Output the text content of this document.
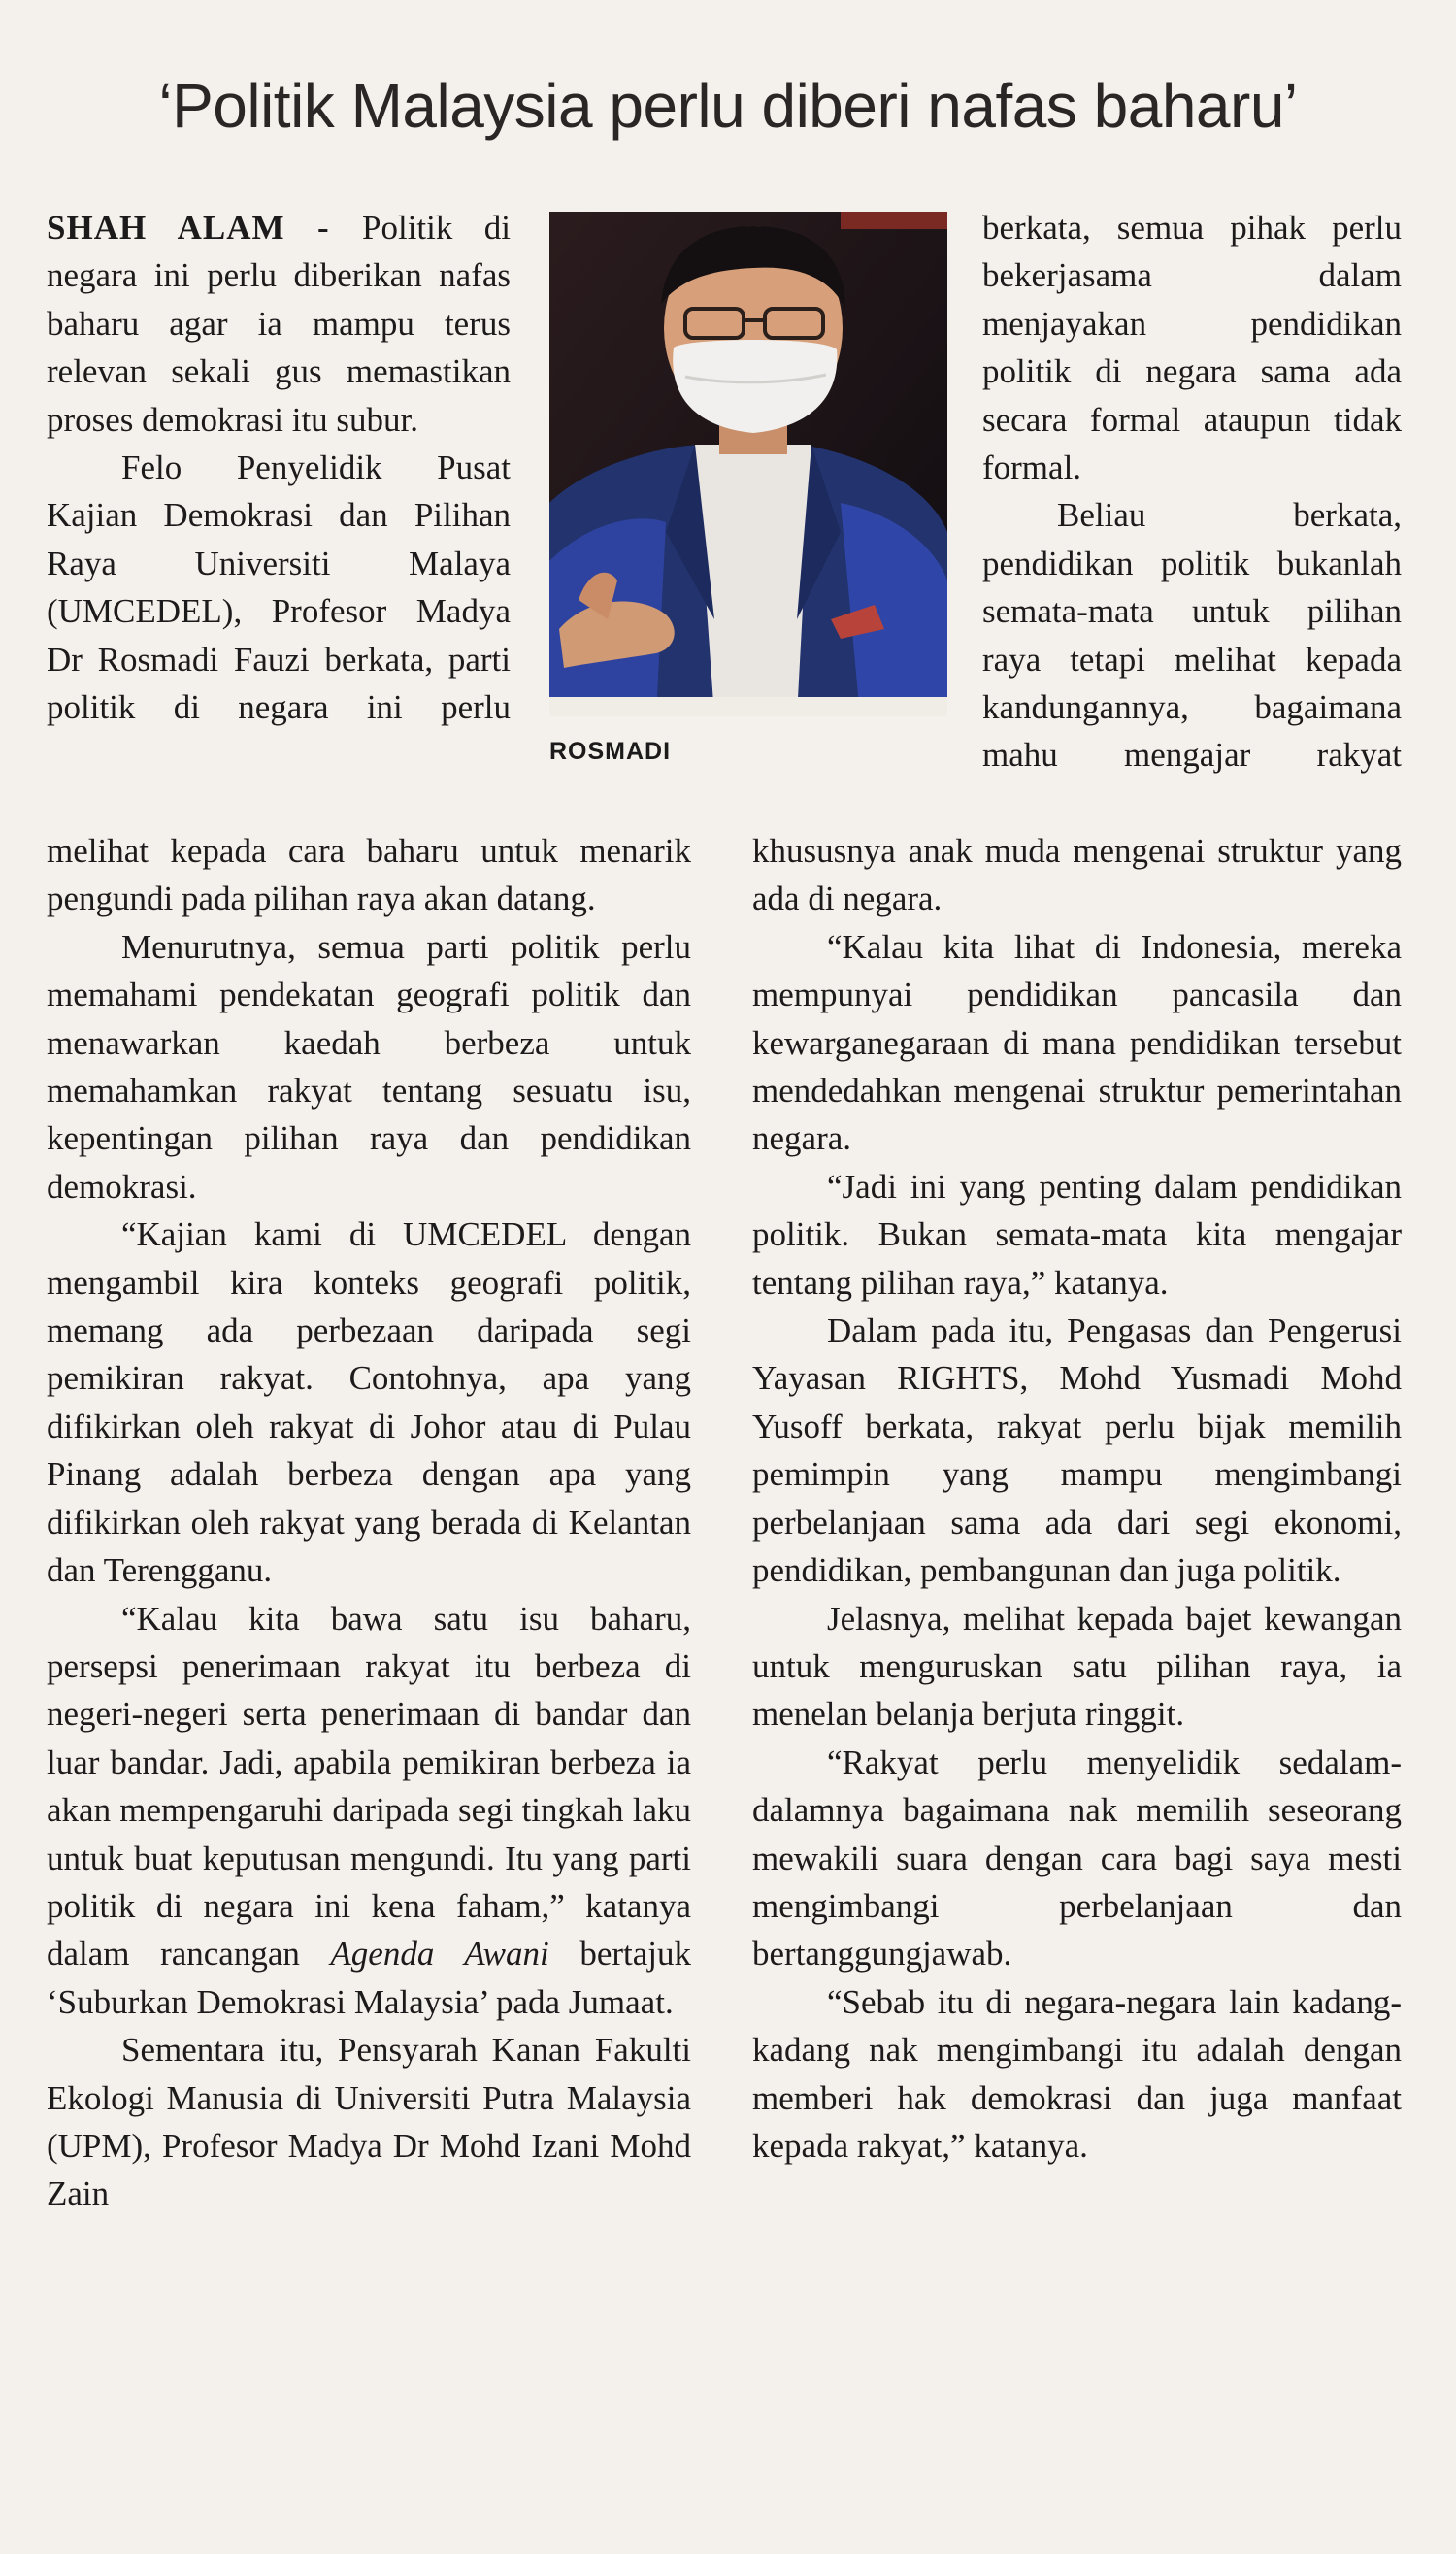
‘Politik Malaysia perlu diberi nafas baharu’

SHAH ALAM - Politik di negara ini perlu diberikan nafas baharu agar ia mampu terus relevan sekali gus memastikan proses demokrasi itu subur.

Felo Penyelidik Pusat Kajian Demokrasi dan Pilihan Raya Universiti Malaya (UMCEDEL), Profesor Madya Dr Rosmadi Fauzi berkata, parti politik di negara ini perlu

ROSMADI

berkata, semua pihak perlu bekerjasama dalam menjayakan pendidikan politik di negara sama ada secara formal ataupun tidak formal.

Beliau berkata, pendidikan politik bukanlah semata-mata untuk pilihan raya tetapi melihat kepada kandungannya, bagaimana mahu mengajar rakyat

melihat kepada cara baharu untuk menarik pengundi pada pilihan raya akan datang.

Menurutnya, semua parti politik perlu memahami pendekatan geografi politik dan menawarkan kaedah berbeza untuk memahamkan rakyat tentang sesuatu isu, kepentingan pilihan raya dan pendidikan demokrasi.

“Kajian kami di UMCEDEL dengan mengambil kira konteks geografi politik, memang ada perbezaan daripada segi pemikiran rakyat. Contohnya, apa yang difikirkan oleh rakyat di Johor atau di Pulau Pinang adalah berbeza dengan apa yang difikirkan oleh rakyat yang berada di Kelantan dan Terengganu.

“Kalau kita bawa satu isu baharu, persepsi penerimaan rakyat itu berbeza di negeri-negeri serta penerimaan di bandar dan luar bandar. Jadi, apabila pemikiran berbeza ia akan mempengaruhi daripada segi tingkah laku untuk buat keputusan mengundi. Itu yang parti politik di negara ini kena faham,” katanya dalam rancangan Agenda Awani bertajuk ‘Suburkan Demokrasi Malaysia’ pada Jumaat.

Sementara itu, Pensyarah Kanan Fakulti Ekologi Manusia di Universiti Putra Malaysia (UPM), Profesor Madya Dr Mohd Izani Mohd Zain

khususnya anak muda mengenai struktur yang ada di negara.

“Kalau kita lihat di Indonesia, mereka mempunyai pendidikan pancasila dan kewarganegaraan di mana pendidikan tersebut mendedahkan mengenai struktur pemerintahan negara.

“Jadi ini yang penting dalam pendidikan politik. Bukan semata-mata kita mengajar tentang pilihan raya,” katanya.

Dalam pada itu, Pengasas dan Pengerusi Yayasan RIGHTS, Mohd Yusmadi Mohd Yusoff berkata, rakyat perlu bijak memilih pemimpin yang mampu mengimbangi perbelanjaan sama ada dari segi ekonomi, pendidikan, pembangunan dan juga politik.

Jelasnya, melihat kepada bajet kewangan untuk menguruskan satu pilihan raya, ia menelan belanja berjuta ringgit.

“Rakyat perlu menyelidik sedalam-dalamnya bagaimana nak memilih seseorang mewakili suara dengan cara bagi saya mesti mengimbangi perbelanjaan dan bertanggungjawab.

“Sebab itu di negara-negara lain kadang-kadang nak mengimbangi itu adalah dengan memberi hak demokrasi dan juga manfaat kepada rakyat,” katanya.
